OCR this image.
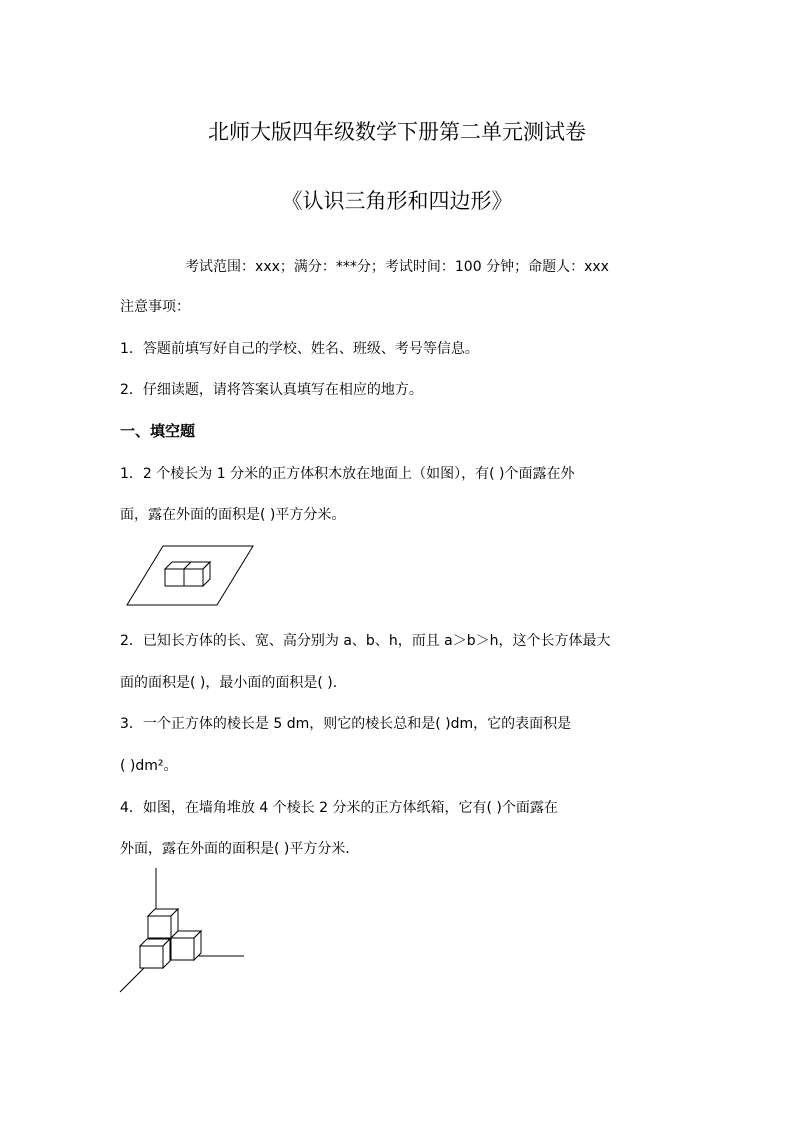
北师大版四年级数学下册第二单元测试卷
《认识三角形和四边形》
考试范围：xxx；满分：***分；考试时间：100 分钟；命题人：xxx
注意事项：
1．答题前填写好自己的学校、姓名、班级、考号等信息。
2．仔细读题，请将答案认真填写在相应的地方。
一、填空题
1．2 个棱长为 1 分米的正方体积木放在地面上（如图），有( )个面露在外
面，露在外面的面积是( )平方分米。
2．已知长方体的长、宽、高分别为 a、b、h，而且 a＞b＞h，这个长方体最大
面的面积是( )，最小面的面积是( )．
3．一个正方体的棱长是 5 dm，则它的棱长总和是( )dm，它的表面积是
( )dm²。
4．如图，在墙角堆放 4 个棱长 2 分米的正方体纸箱，它有( )个面露在
外面，露在外面的面积是( )平方分米．
